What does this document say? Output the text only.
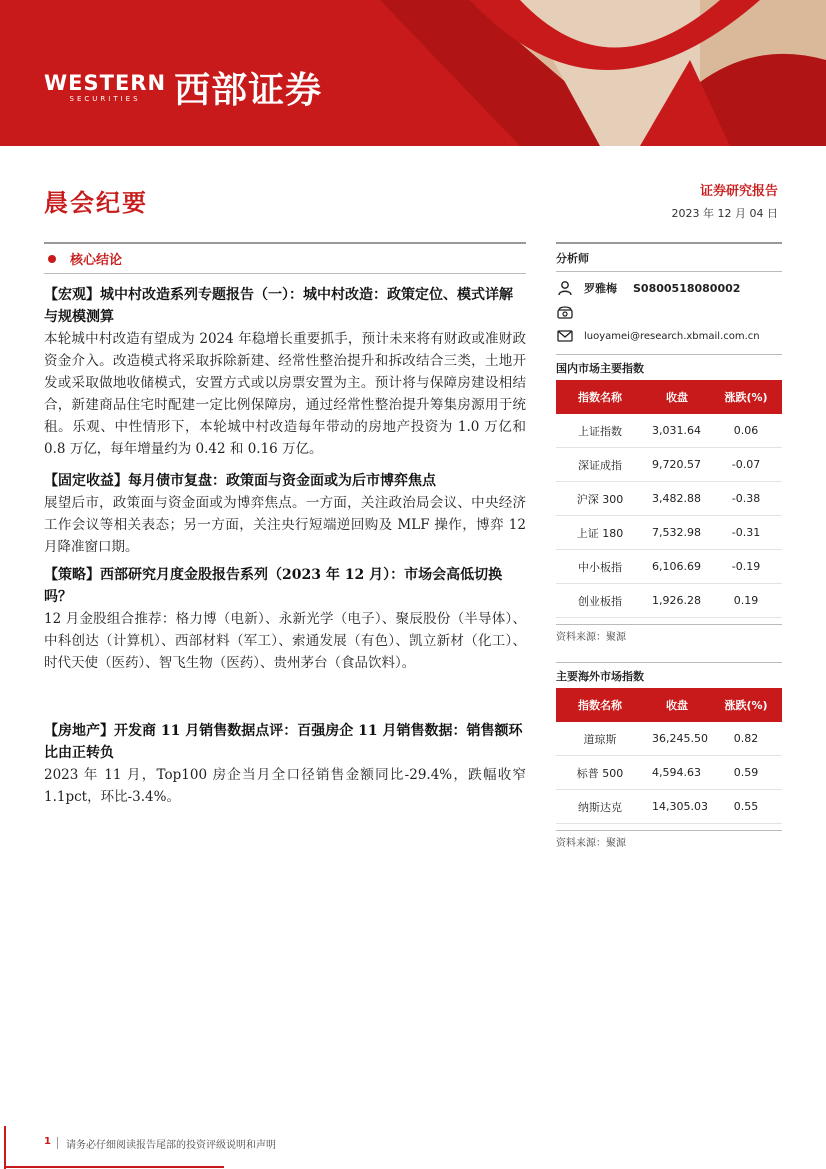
WESTERN
SECURITIES 西部证券
晨会纪要	证券研究报告
2023 年 12 月 04 日
核心结论
【宏观】城中村改造系列专题报告（一）：城中村改造：政策定位、模式详解与规模测算
本轮城中村改造有望成为 2024 年稳增长重要抓手，预计未来将有财政或准财政资金介入。改造模式将采取拆除新建、经常性整治提升和拆改结合三类，土地开发或采取做地收储模式，安置方式或以房票安置为主。预计将与保障房建设相结合，新建商品住宅时配建一定比例保障房，通过经常性整治提升筹集房源用于统租。乐观、中性情形下，本轮城中村改造每年带动的房地产投资为 1.0 万亿和 0.8 万亿，每年增量约为 0.42 和 0.16 万亿。
【固定收益】每月债市复盘：政策面与资金面或为后市博弈焦点
展望后市，政策面与资金面或为博弈焦点。一方面，关注政治局会议、中央经济工作会议等相关表态；另一方面，关注央行短端逆回购及 MLF 操作，博弈 12 月降准窗口期。
【策略】西部研究月度金股报告系列（2023 年 12 月）：市场会高低切换吗？
12 月金股组合推荐：格力博（电新）、永新光学（电子）、聚辰股份（半导体）、中科创达（计算机）、西部材料（军工）、索通发展（有色）、凯立新材（化工）、时代天使（医药）、智飞生物（医药）、贵州茅台（食品饮料）。
【房地产】开发商 11 月销售数据点评：百强房企 11 月销售数据：销售额环比由正转负
2023 年 11 月，Top100 房企当月全口径销售金额同比-29.4%，跌幅收窄 1.1pct，环比-3.4%。
分析师
罗雅梅 S0800518080002
luoyamei@research.xbmail.com.cn
国内市场主要指数
指数名称	收盘	涨跌(%)
上证指数	3,031.64	0.06
深证成指	9,720.57	-0.07
沪深 300	3,482.88	-0.38
上证 180	7,532.98	-0.31
中小板指	6,106.69	-0.19
创业板指	1,926.28	0.19
资料来源：聚源
主要海外市场指数
指数名称	收盘	涨跌(%)
道琼斯	36,245.50	0.82
标普 500	4,594.63	0.59
纳斯达克	14,305.03	0.55
资料来源：聚源
1 请务必仔细阅读报告尾部的投资评级说明和声明
